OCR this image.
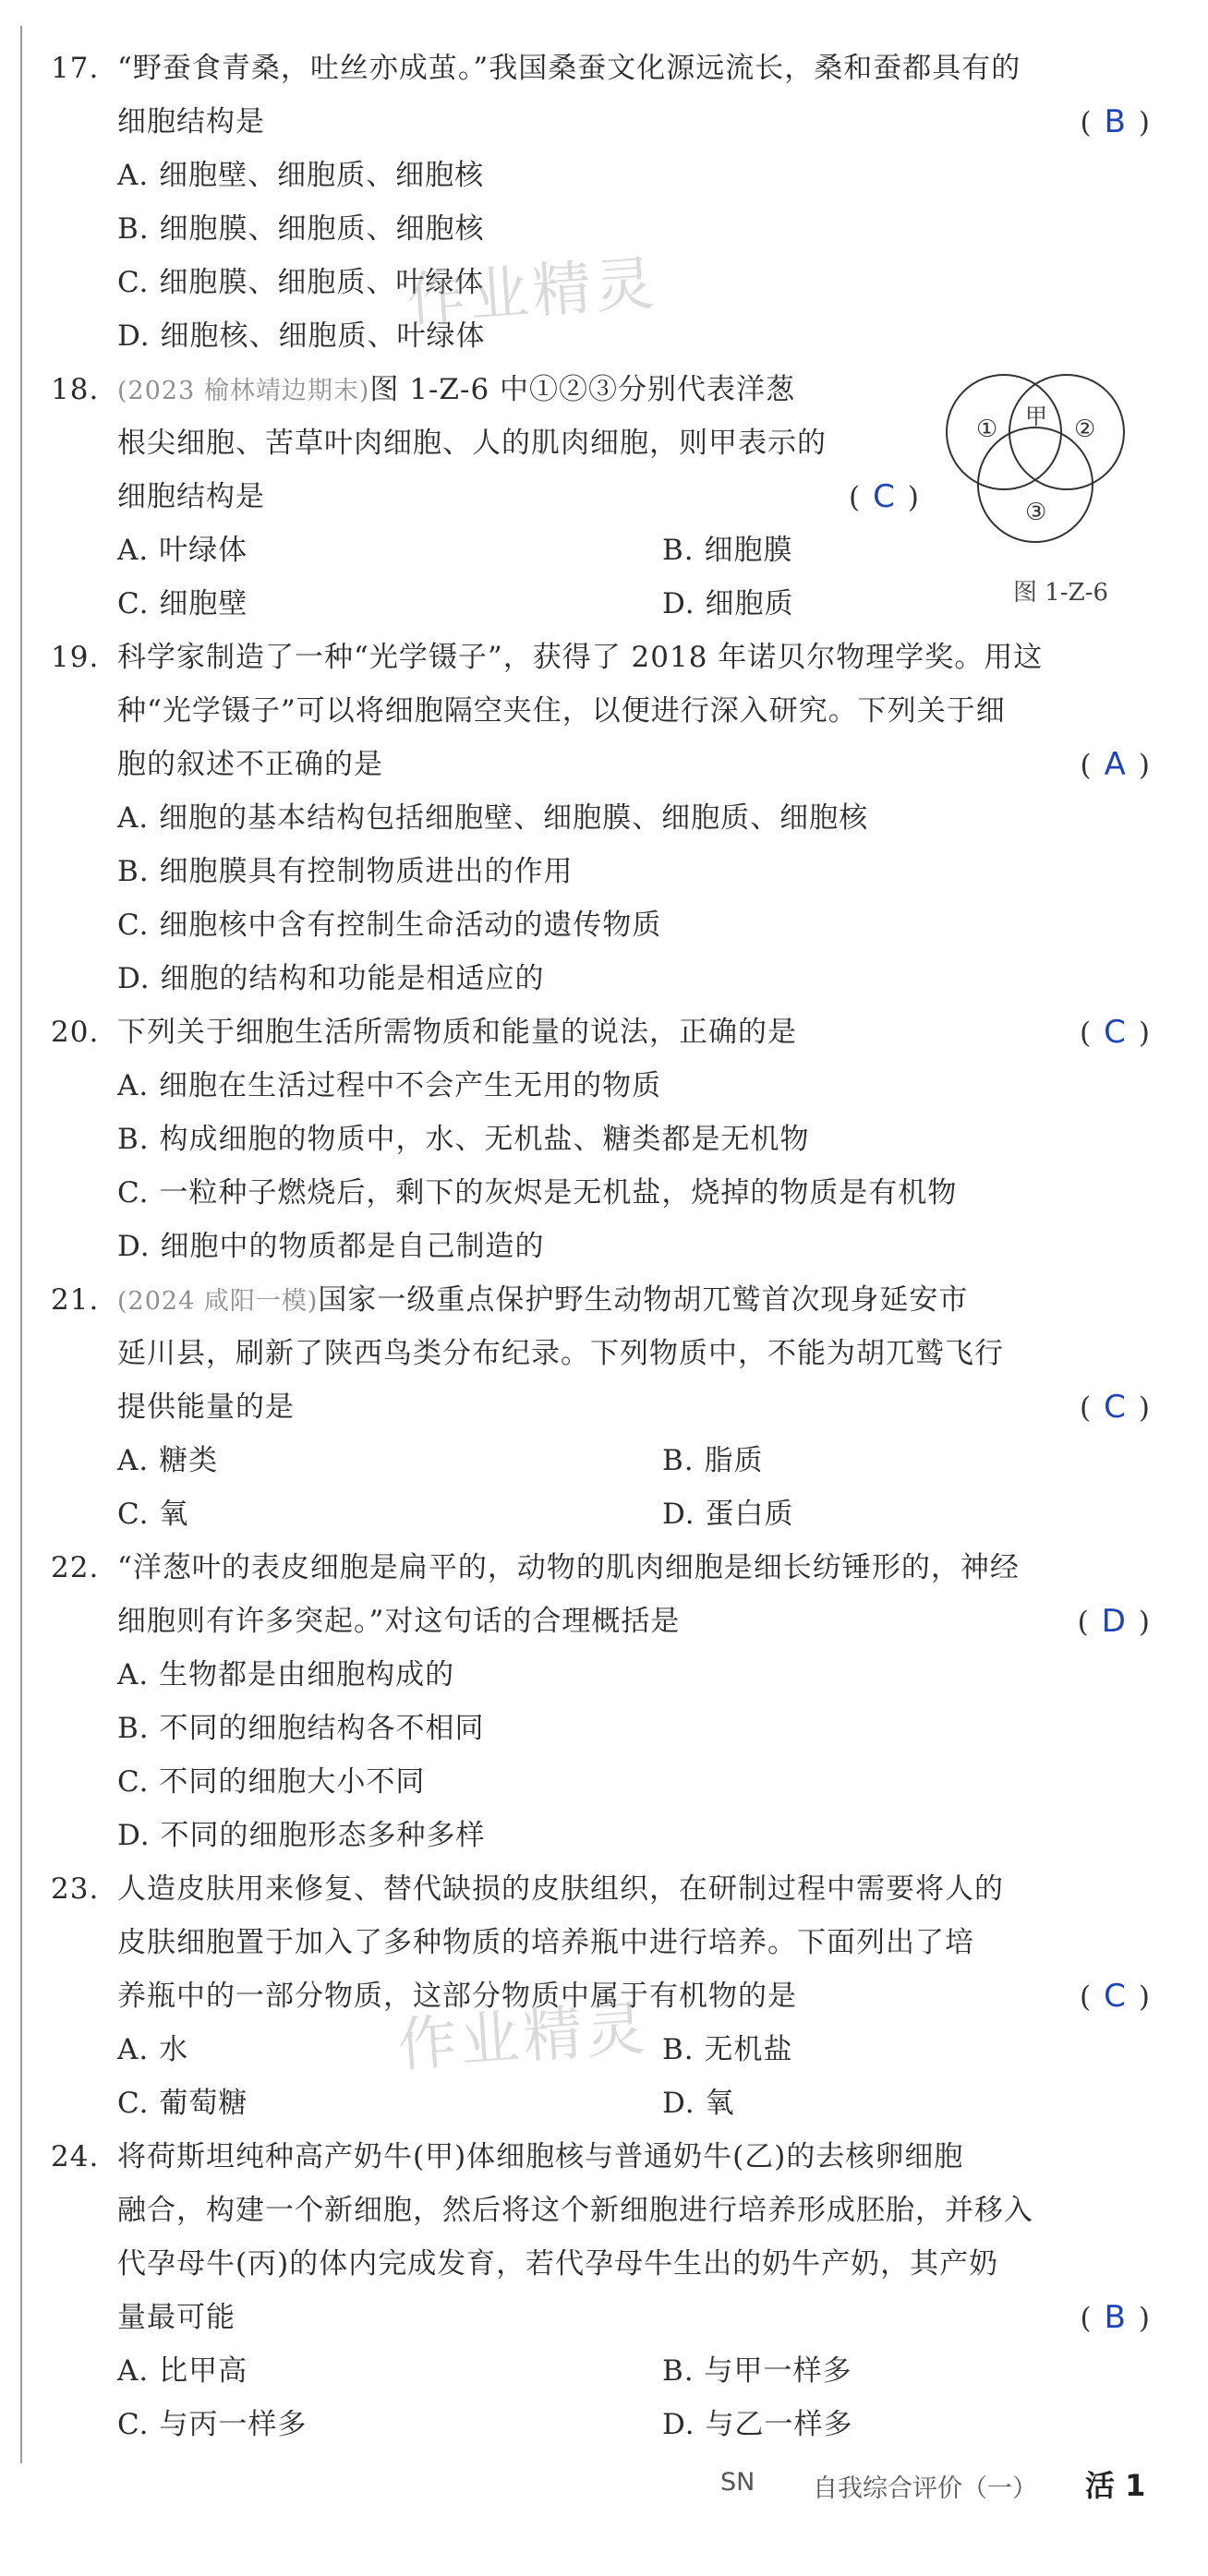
17. “野蚕食青桑，吐丝亦成茧。”我国桑蚕文化源远流长，桑和蚕都具有的
细胞结构是	( B )
A. 细胞壁、细胞质、细胞核
B. 细胞膜、细胞质、细胞核
C. 细胞膜、细胞质、叶绿体
D. 细胞核、细胞质、叶绿体
18. (2023 榆林靖边期末)图 1-Z-6 中①②③分别代表洋葱
根尖细胞、苦草叶肉细胞、人的肌肉细胞，则甲表示的
细胞结构是	( C )
A. 叶绿体	B. 细胞膜
C. 细胞壁	D. 细胞质
①	②
甲
③
图 1-Z-6
19. 科学家制造了一种“光学镊子”，获得了 2018 年诺贝尔物理学奖。用这
种“光学镊子”可以将细胞隔空夹住，以便进行深入研究。下列关于细
胞的叙述不正确的是	( A )
A. 细胞的基本结构包括细胞壁、细胞膜、细胞质、细胞核
B. 细胞膜具有控制物质进出的作用
C. 细胞核中含有控制生命活动的遗传物质
D. 细胞的结构和功能是相适应的
20. 下列关于细胞生活所需物质和能量的说法，正确的是	( C )
A. 细胞在生活过程中不会产生无用的物质
B. 构成细胞的物质中，水、无机盐、糖类都是无机物
C. 一粒种子燃烧后，剩下的灰烬是无机盐，烧掉的物质是有机物
D. 细胞中的物质都是自己制造的
21. (2024 咸阳一模)国家一级重点保护野生动物胡兀鹫首次现身延安市
延川县，刷新了陕西鸟类分布纪录。下列物质中，不能为胡兀鹫飞行
提供能量的是	( C )
A. 糖类	B. 脂质
C. 氧	D. 蛋白质
22. “洋葱叶的表皮细胞是扁平的，动物的肌肉细胞是细长纺锤形的，神经
细胞则有许多突起。”对这句话的合理概括是	( D )
A. 生物都是由细胞构成的
B. 不同的细胞结构各不相同
C. 不同的细胞大小不同
D. 不同的细胞形态多种多样
23. 人造皮肤用来修复、替代缺损的皮肤组织，在研制过程中需要将人的
皮肤细胞置于加入了多种物质的培养瓶中进行培养。下面列出了培
养瓶中的一部分物质，这部分物质中属于有机物的是	( C )
A. 水	B. 无机盐
C. 葡萄糖	D. 氧
24. 将荷斯坦纯种高产奶牛(甲)体细胞核与普通奶牛(乙)的去核卵细胞
融合，构建一个新细胞，然后将这个新细胞进行培养形成胚胎，并移入
代孕母牛(丙)的体内完成发育，若代孕母牛生出的奶牛产奶，其产奶
量最可能	( B )
A. 比甲高	B. 与甲一样多
C. 与丙一样多	D. 与乙一样多
作业精灵
作业精灵
SN 自我综合评价（一） 活 1
